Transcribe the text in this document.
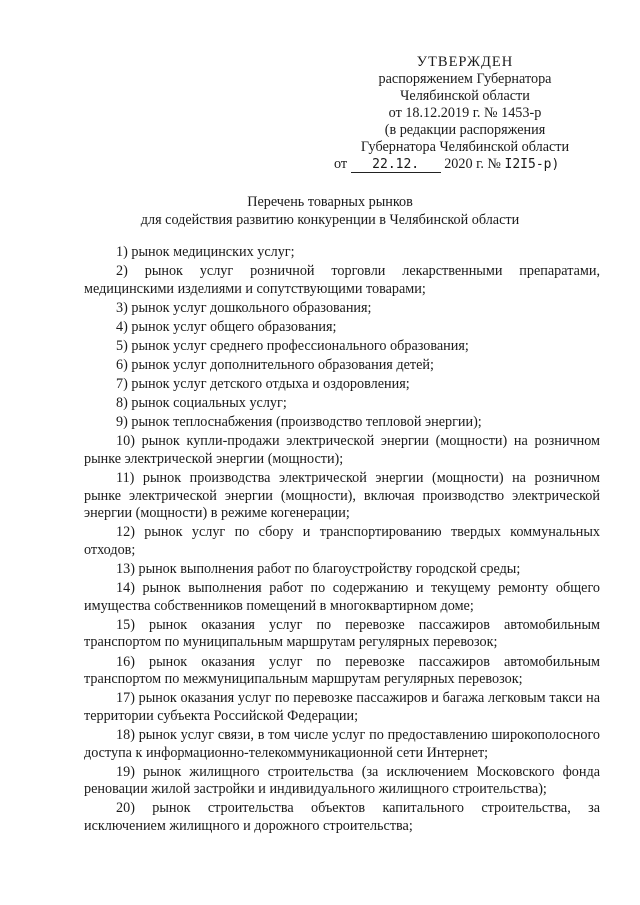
УТВЕРЖДЕН
распоряжением Губернатора
Челябинской области
от 18.12.2019 г. № 1453-р
(в редакции распоряжения
Губернатора Челябинской области
от 22.12. 2020 г. № I2I5-р)
Перечень товарных рынков
для содействия развитию конкуренции в Челябинской области

1) рынок медицинских услуг;

2) рынок услуг розничной торговли лекарственными препаратами, медицинскими изделиями и сопутствующими товарами;

3) рынок услуг дошкольного образования;

4) рынок услуг общего образования;

5) рынок услуг среднего профессионального образования;

6) рынок услуг дополнительного образования детей;

7) рынок услуг детского отдыха и оздоровления;

8) рынок социальных услуг;

9) рынок теплоснабжения (производство тепловой энергии);

10) рынок купли-продажи электрической энергии (мощности) на розничном рынке электрической энергии (мощности);

11) рынок производства электрической энергии (мощности) на розничном рынке электрической энергии (мощности), включая производство электрической энергии (мощности) в режиме когенерации;

12) рынок услуг по сбору и транспортированию твердых коммунальных отходов;

13) рынок выполнения работ по благоустройству городской среды;

14) рынок выполнения работ по содержанию и текущему ремонту общего имущества собственников помещений в многоквартирном доме;

15) рынок оказания услуг по перевозке пассажиров автомобильным транспортом по муниципальным маршрутам регулярных перевозок;

16) рынок оказания услуг по перевозке пассажиров автомобильным транспортом по межмуниципальным маршрутам регулярных перевозок;

17) рынок оказания услуг по перевозке пассажиров и багажа легковым такси на территории субъекта Российской Федерации;

18) рынок услуг связи, в том числе услуг по предоставлению широкополосного доступа к информационно-телекоммуникационной сети Интернет;

19) рынок жилищного строительства (за исключением Московского фонда реновации жилой застройки и индивидуального жилищного строительства);

20) рынок строительства объектов капитального строительства, за исключением жилищного и дорожного строительства;
